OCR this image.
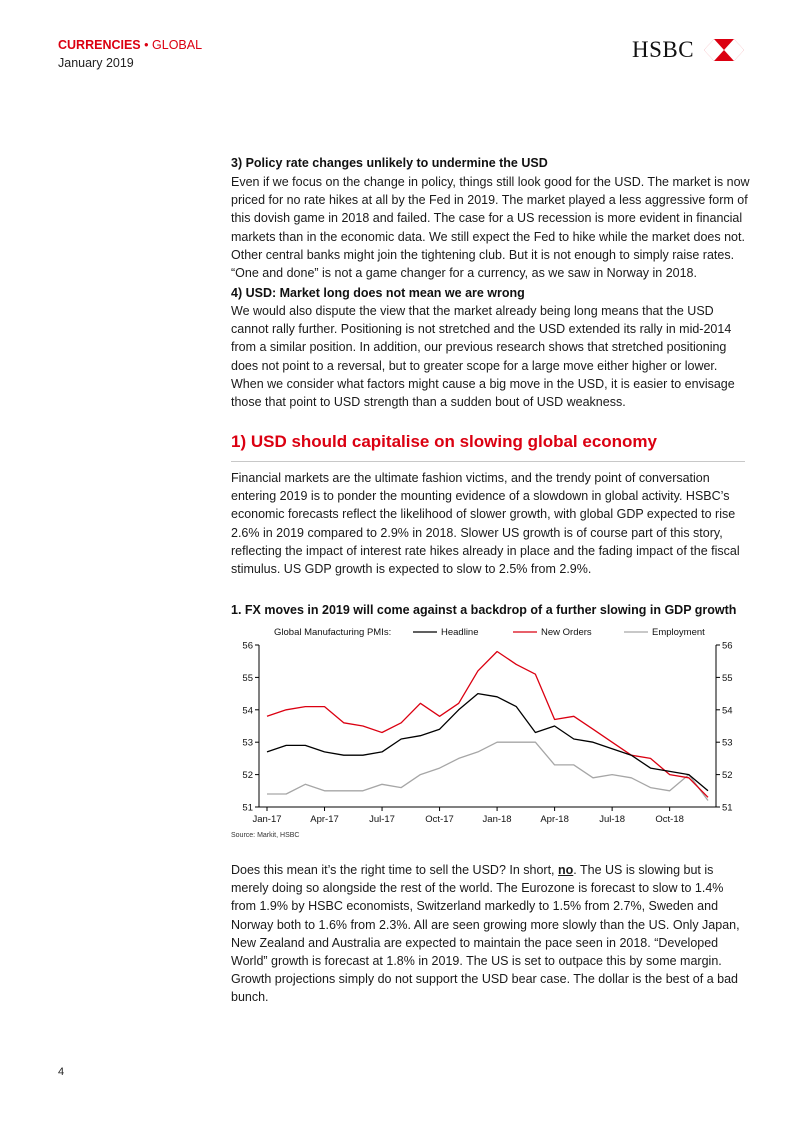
CURRENCIES • GLOBAL
January 2019
HSBC
3) Policy rate changes unlikely to undermine the USD
Even if we focus on the change in policy, things still look good for the USD. The market is now priced for no rate hikes at all by the Fed in 2019. The market played a less aggressive form of this dovish game in 2018 and failed. The case for a US recession is more evident in financial markets than in the economic data. We still expect the Fed to hike while the market does not. Other central banks might join the tightening club. But it is not enough to simply raise rates. “One and done” is not a game changer for a currency, as we saw in Norway in 2018.
4) USD: Market long does not mean we are wrong
We would also dispute the view that the market already being long means that the USD cannot rally further. Positioning is not stretched and the USD extended its rally in mid-2014 from a similar position. In addition, our previous research shows that stretched positioning does not point to a reversal, but to greater scope for a large move either higher or lower. When we consider what factors might cause a big move in the USD, it is easier to envisage those that point to USD strength than a sudden bout of USD weakness.
1) USD should capitalise on slowing global economy
Financial markets are the ultimate fashion victims, and the trendy point of conversation entering 2019 is to ponder the mounting evidence of a slowdown in global activity. HSBC’s economic forecasts reflect the likelihood of slower growth, with global GDP expected to rise 2.6% in 2019 compared to 2.9% in 2018. Slower US growth is of course part of this story, reflecting the impact of interest rate hikes already in place and the fading impact of the fiscal stimulus. US GDP growth is expected to slow to 2.5% from 2.9%.
1. FX moves in 2019 will come against a backdrop of a further slowing in GDP growth
Global Manufacturing PMIs:	Headline	New Orders	Employment
51	51
52	52
53	53
54	54
55	55
56	56
Jan-17	Apr-17	Jul-17	Oct-17	Jan-18	Apr-18	Jul-18	Oct-18
Source: Markit, HSBC
Does this mean it’s the right time to sell the USD? In short, no. The US is slowing but is merely doing so alongside the rest of the world. The Eurozone is forecast to slow to 1.4% from 1.9% by HSBC economists, Switzerland markedly to 1.5% from 2.7%, Sweden and Norway both to 1.6% from 2.3%. All are seen growing more slowly than the US. Only Japan, New Zealand and Australia are expected to maintain the pace seen in 2018. “Developed World” growth is forecast at 1.8% in 2019. The US is set to outpace this by some margin. Growth projections simply do not support the USD bear case. The dollar is the best of a bad bunch.
4
